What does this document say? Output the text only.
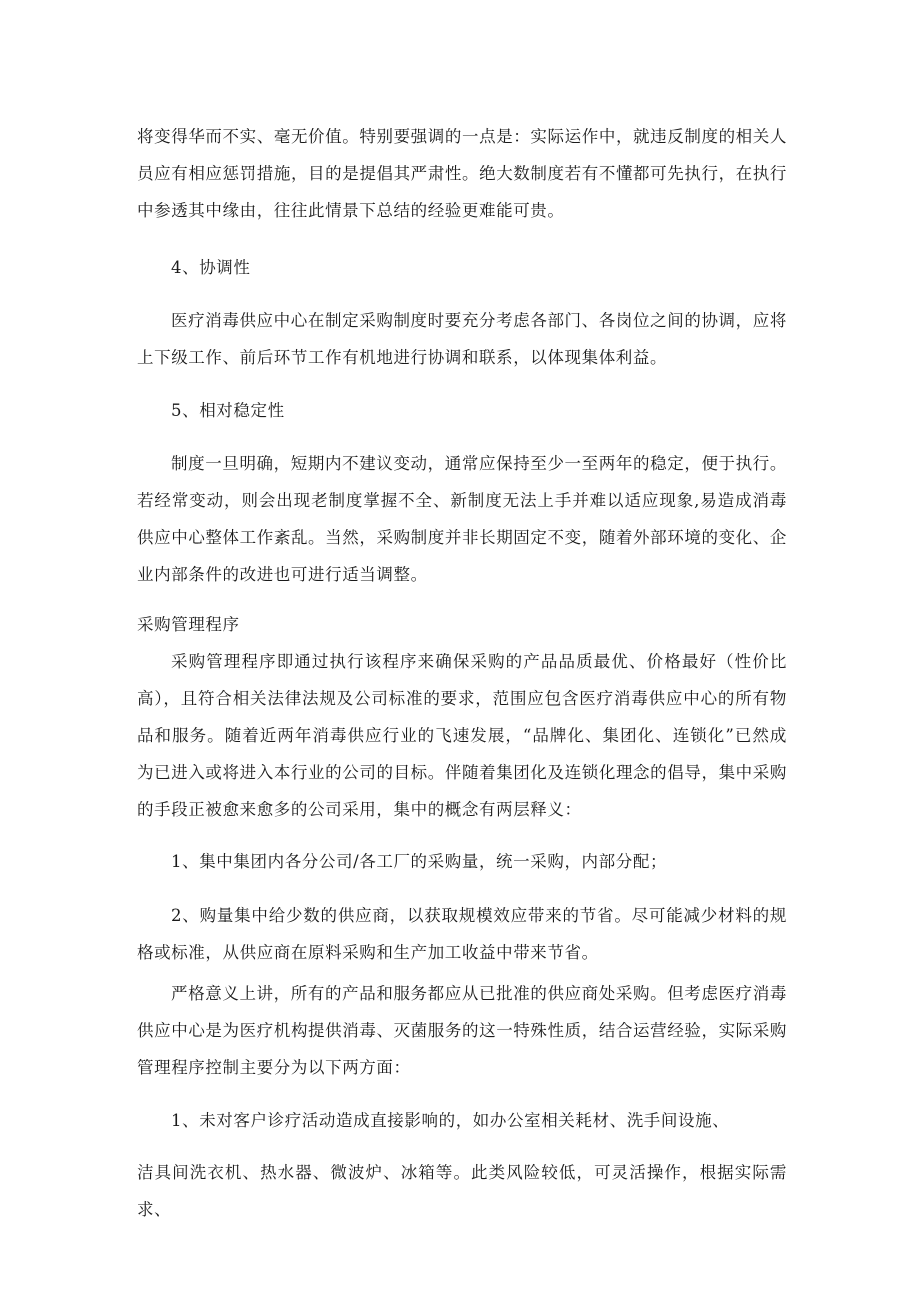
将变得华而不实、毫无价值。特别要强调的一点是：实际运作中，就违反制度的相关人员应有相应惩罚措施，目的是提倡其严肃性。绝大数制度若有不懂都可先执行，在执行中参透其中缘由，往往此情景下总结的经验更难能可贵。

4、协调性

医疗消毒供应中心在制定采购制度时要充分考虑各部门、各岗位之间的协调，应将上下级工作、前后环节工作有机地进行协调和联系，以体现集体利益。

5、相对稳定性

制度一旦明确，短期内不建议变动，通常应保持至少一至两年的稳定，便于执行。若经常变动，则会出现老制度掌握不全、新制度无法上手并难以适应现象,易造成消毒供应中心整体工作紊乱。当然，采购制度并非长期固定不变，随着外部环境的变化、企业内部条件的改进也可进行适当调整。

采购管理程序

采购管理程序即通过执行该程序来确保采购的产品品质最优、价格最好（性价比高），且符合相关法律法规及公司标准的要求，范围应包含医疗消毒供应中心的所有物品和服务。随着近两年消毒供应行业的飞速发展，“品牌化、集团化、连锁化”已然成为已进入或将进入本行业的公司的目标。伴随着集团化及连锁化理念的倡导，集中采购的手段正被愈来愈多的公司采用，集中的概念有两层释义：

1、集中集团内各分公司/各工厂的采购量，统一采购，内部分配；

2、购量集中给少数的供应商，以获取规模效应带来的节省。尽可能减少材料的规格或标准，从供应商在原料采购和生产加工收益中带来节省。

严格意义上讲，所有的产品和服务都应从已批准的供应商处采购。但考虑医疗消毒供应中心是为医疗机构提供消毒、灭菌服务的这一特殊性质，结合运营经验，实际采购管理程序控制主要分为以下两方面：

1、未对客户诊疗活动造成直接影响的，如办公室相关耗材、洗手间设施、

洁具间洗衣机、热水器、微波炉、冰箱等。此类风险较低，可灵活操作，根据实际需求、
